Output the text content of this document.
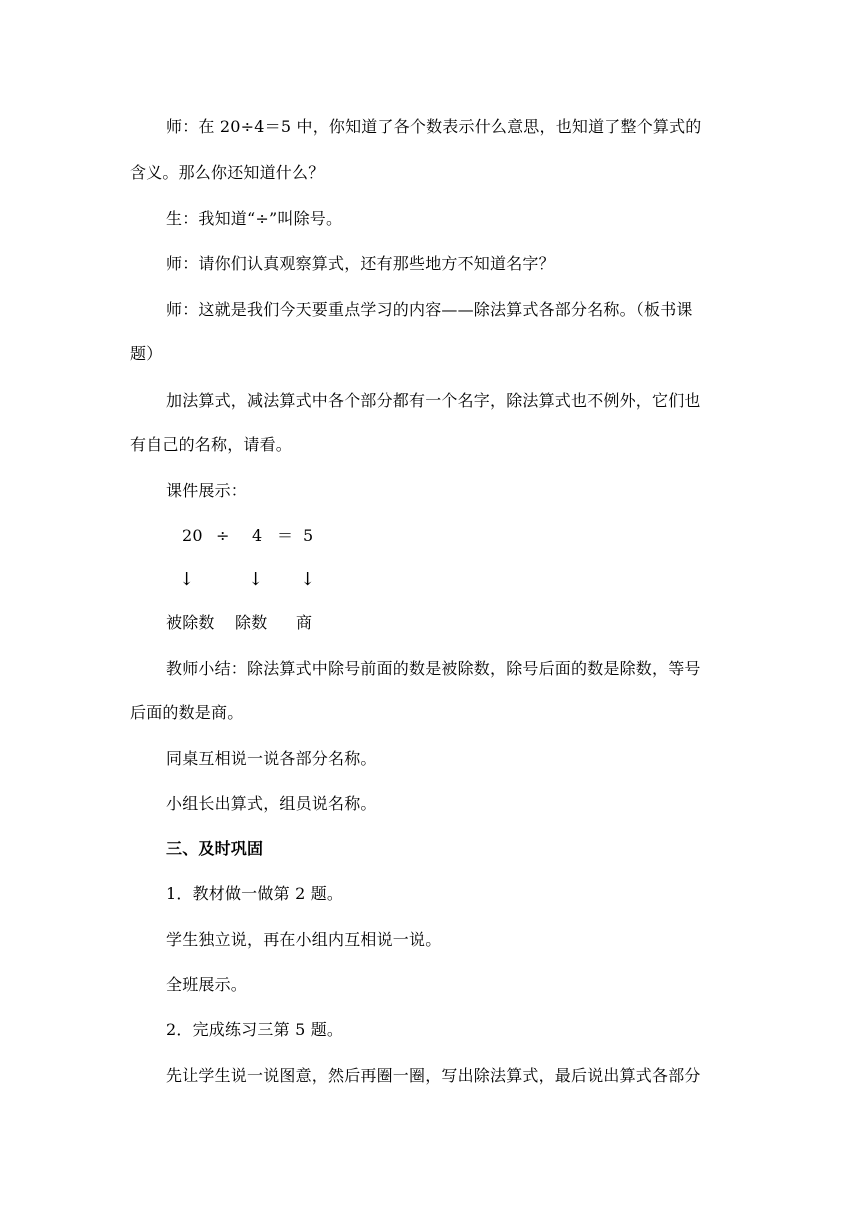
师：在 20÷4＝5 中，你知道了各个数表示什么意思，也知道了整个算式的
含义。那么你还知道什么？
生：我知道“÷”叫除号。
师：请你们认真观察算式，还有那些地方不知道名字？
师：这就是我们今天要重点学习的内容——除法算式各部分名称。（板书课
题）
加法算式，减法算式中各个部分都有一个名字，除法算式也不例外，它们也
有自己的名称，请看。
课件展示：
20 ÷ 4 ＝ 5
↓	↓ ↓
被除数 除数 商
教师小结：除法算式中除号前面的数是被除数，除号后面的数是除数，等号
后面的数是商。
同桌互相说一说各部分名称。
小组长出算式，组员说名称。
三、及时巩固
1．教材做一做第 2 题。
学生独立说，再在小组内互相说一说。
全班展示。
2．完成练习三第 5 题。
先让学生说一说图意，然后再圈一圈，写出除法算式，最后说出算式各部分
